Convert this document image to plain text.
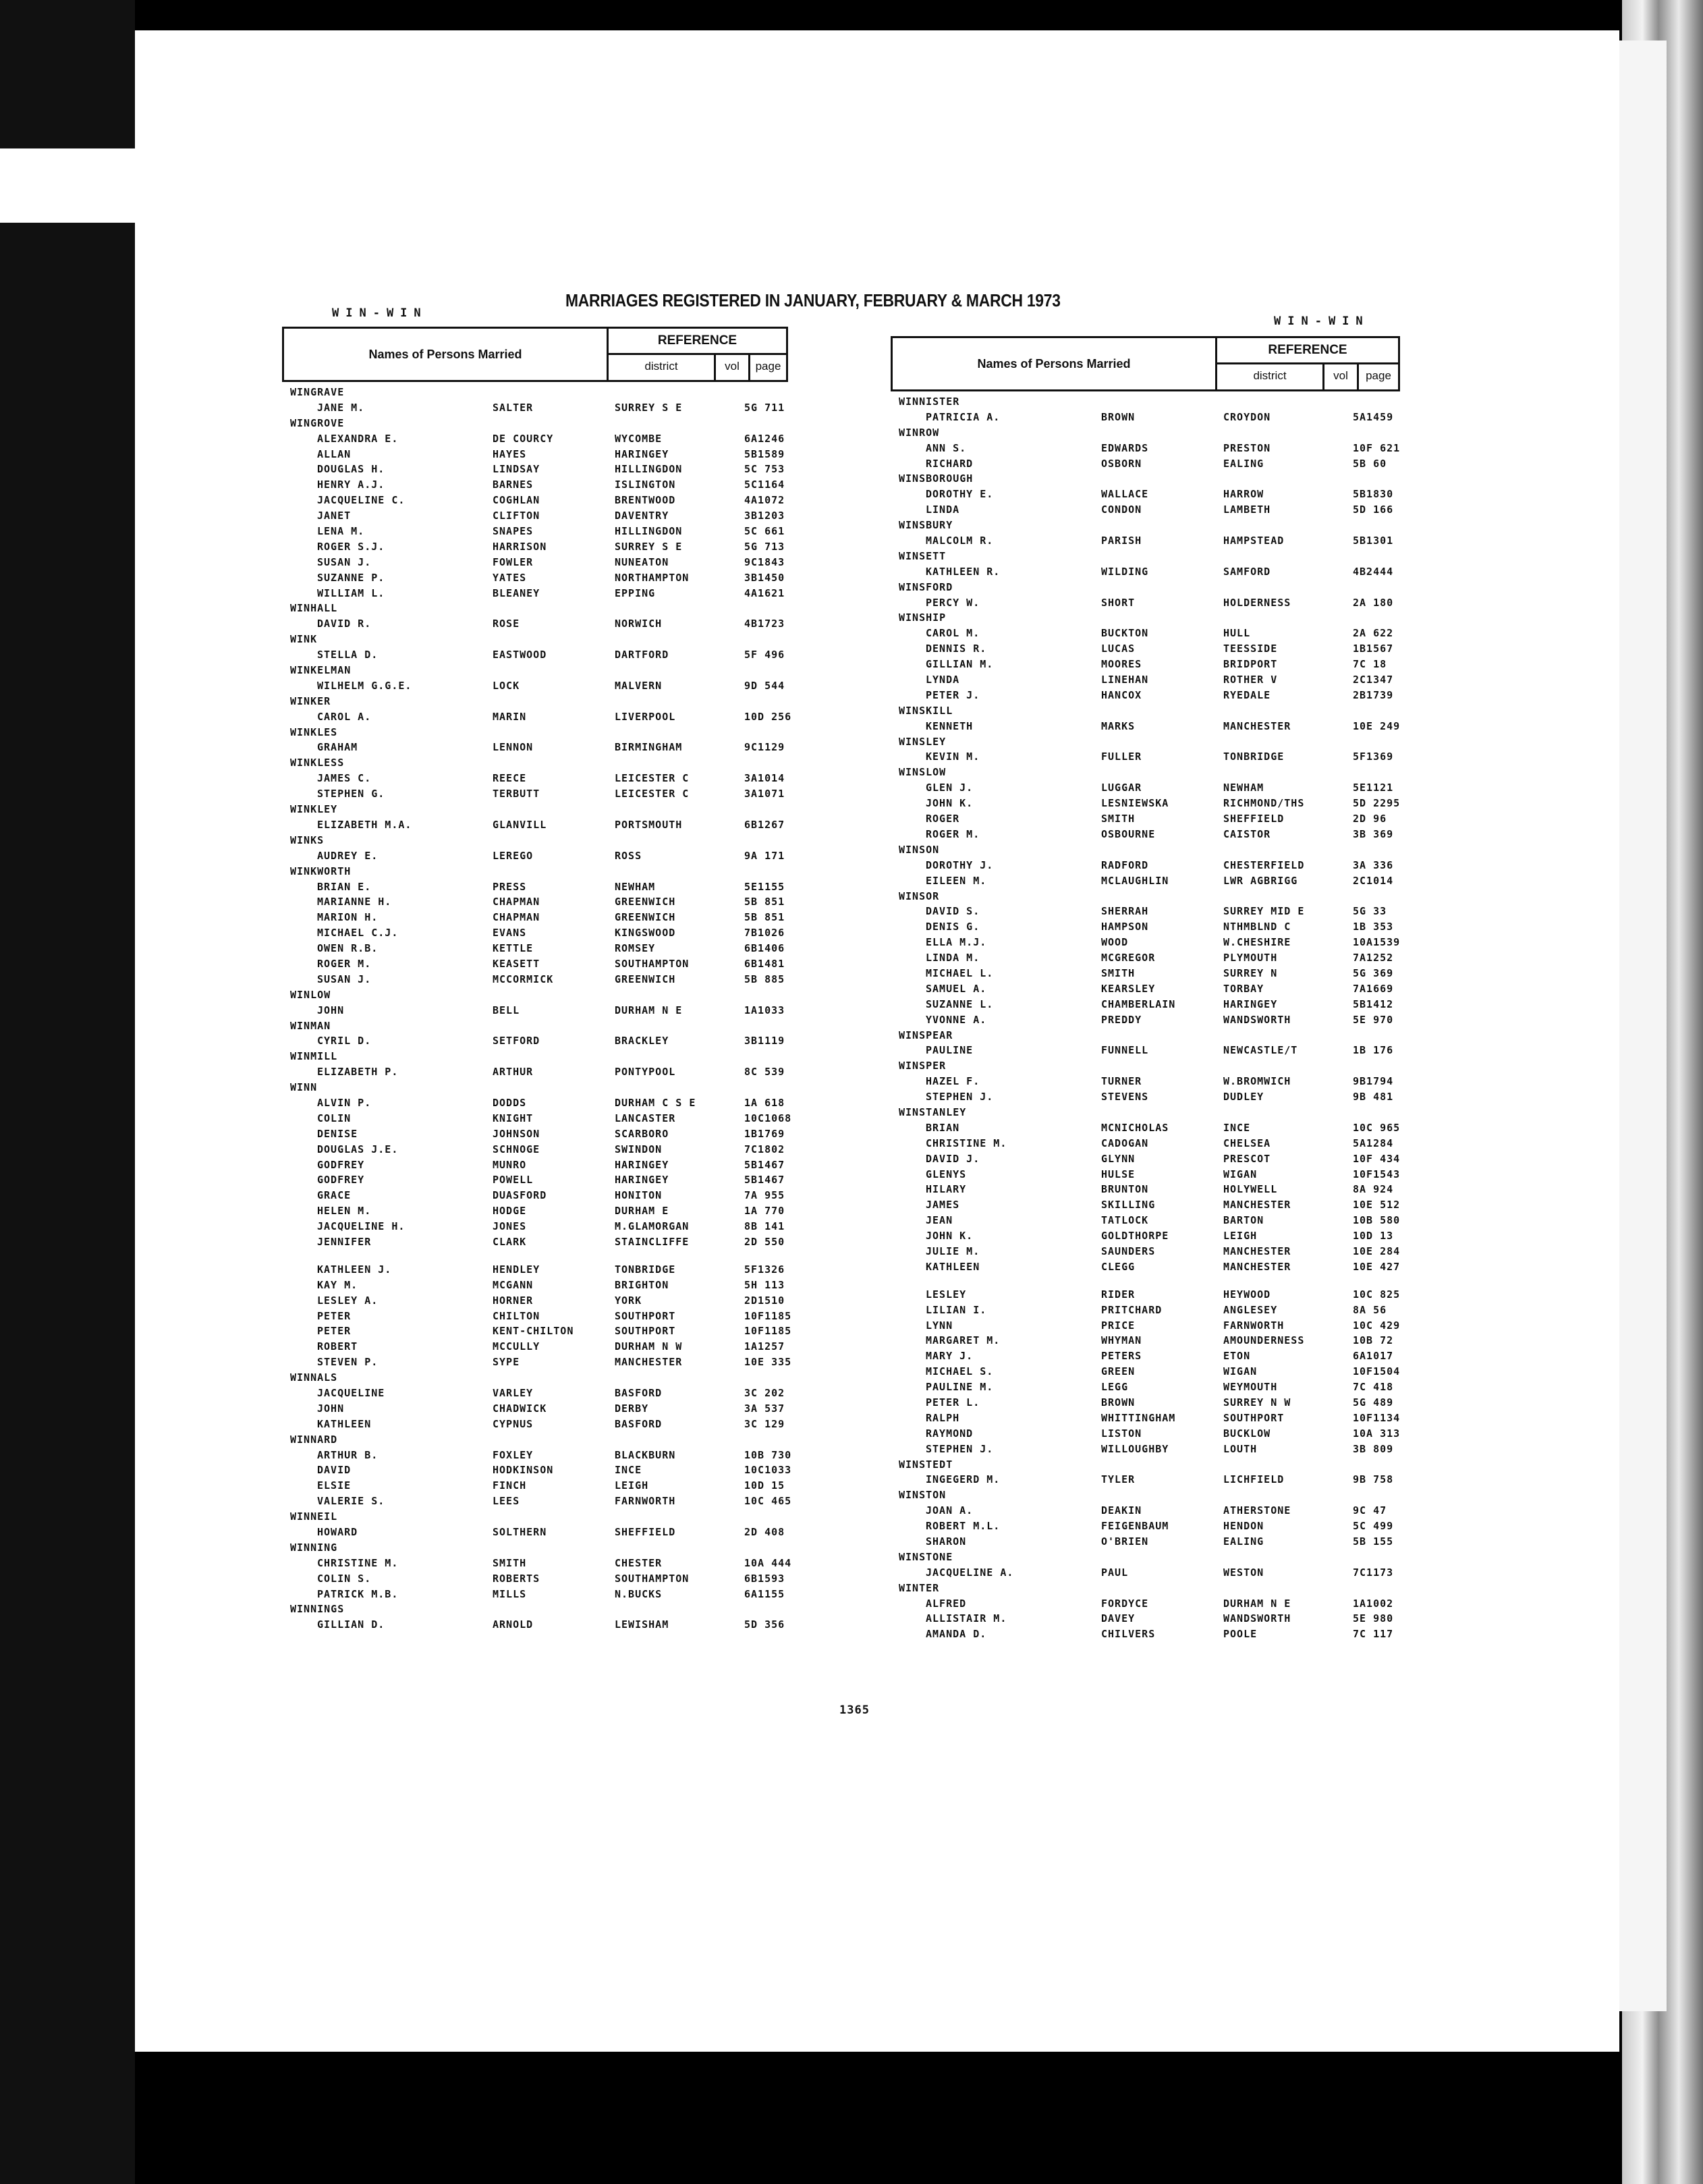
WIN-WIN
MARRIAGES REGISTERED IN JANUARY, FEBRUARY & MARCH 1973
WIN-WIN
Names of Persons Married
REFERENCE
district	vol	page
WINGRAVE
JANE M.	SALTER	SURREY S E	5G 711
WINGROVE
ALEXANDRA E.	DE COURCY	WYCOMBE	6A1246
ALLAN	HAYES	HARINGEY	5B1589
DOUGLAS H.	LINDSAY	HILLINGDON	5C 753
HENRY A.J.	BARNES	ISLINGTON	5C1164
JACQUELINE C.	COGHLAN	BRENTWOOD	4A1072
JANET	CLIFTON	DAVENTRY	3B1203
LENA M.	SNAPES	HILLINGDON	5C 661
ROGER S.J.	HARRISON	SURREY S E	5G 713
SUSAN J.	FOWLER	NUNEATON	9C1843
SUZANNE P.	YATES	NORTHAMPTON	3B1450
WILLIAM L.	BLEANEY	EPPING	4A1621
WINHALL
DAVID R.	ROSE	NORWICH	4B1723
WINK
STELLA D.	EASTWOOD	DARTFORD	5F 496
WINKELMAN
WILHELM G.G.E.	LOCK	MALVERN	9D 544
WINKER
CAROL A.	MARIN	LIVERPOOL	10D 256
WINKLES
GRAHAM	LENNON	BIRMINGHAM	9C1129
WINKLESS
JAMES C.	REECE	LEICESTER C	3A1014
STEPHEN G.	TERBUTT	LEICESTER C	3A1071
WINKLEY
ELIZABETH M.A.	GLANVILL	PORTSMOUTH	6B1267
WINKS
AUDREY E.	LEREGO	ROSS	9A 171
WINKWORTH
BRIAN E.	PRESS	NEWHAM	5E1155
MARIANNE H.	CHAPMAN	GREENWICH	5B 851
MARION H.	CHAPMAN	GREENWICH	5B 851
MICHAEL C.J.	EVANS	KINGSWOOD	7B1026
OWEN R.B.	KETTLE	ROMSEY	6B1406
ROGER M.	KEASETT	SOUTHAMPTON	6B1481
SUSAN J.	MCCORMICK	GREENWICH	5B 885
WINLOW
JOHN	BELL	DURHAM N E	1A1033
WINMAN
CYRIL D.	SETFORD	BRACKLEY	3B1119
WINMILL
ELIZABETH P.	ARTHUR	PONTYPOOL	8C 539
WINN
ALVIN P.	DODDS	DURHAM C S E	1A 618
COLIN	KNIGHT	LANCASTER	10C1068
DENISE	JOHNSON	SCARBORO	1B1769
DOUGLAS J.E.	SCHNOGE	SWINDON	7C1802
GODFREY	MUNRO	HARINGEY	5B1467
GODFREY	POWELL	HARINGEY	5B1467
GRACE	DUASFORD	HONITON	7A 955
HELEN M.	HODGE	DURHAM E	1A 770
JACQUELINE H.	JONES	M.GLAMORGAN	8B 141
JENNIFER	CLARK	STAINCLIFFE	2D 550
KATHLEEN J.	HENDLEY	TONBRIDGE	5F1326
KAY M.	MCGANN	BRIGHTON	5H 113
LESLEY A.	HORNER	YORK	2D1510
PETER	CHILTON	SOUTHPORT	10F1185
PETER	KENT-CHILTON	SOUTHPORT	10F1185
ROBERT	MCCULLY	DURHAM N W	1A1257
STEVEN P.	SYPE	MANCHESTER	10E 335
WINNALS
JACQUELINE	VARLEY	BASFORD	3C 202
JOHN	CHADWICK	DERBY	3A 537
KATHLEEN	CYPNUS	BASFORD	3C 129
WINNARD
ARTHUR B.	FOXLEY	BLACKBURN	10B 730
DAVID	HODKINSON	INCE	10C1033
ELSIE	FINCH	LEIGH	10D 15
VALERIE S.	LEES	FARNWORTH	10C 465
WINNEIL
HOWARD	SOLTHERN	SHEFFIELD	2D 408
WINNING
CHRISTINE M.	SMITH	CHESTER	10A 444
COLIN S.	ROBERTS	SOUTHAMPTON	6B1593
PATRICK M.B.	MILLS	N.BUCKS	6A1155
WINNINGS
GILLIAN D.	ARNOLD	LEWISHAM	5D 356
Names of Persons Married
REFERENCE
district	vol	page
WINNISTER
PATRICIA A.	BROWN	CROYDON	5A1459
WINROW
ANN S.	EDWARDS	PRESTON	10F 621
RICHARD	OSBORN	EALING	5B 60
WINSBOROUGH
DOROTHY E.	WALLACE	HARROW	5B1830
LINDA	CONDON	LAMBETH	5D 166
WINSBURY
MALCOLM R.	PARISH	HAMPSTEAD	5B1301
WINSETT
KATHLEEN R.	WILDING	SAMFORD	4B2444
WINSFORD
PERCY W.	SHORT	HOLDERNESS	2A 180
WINSHIP
CAROL M.	BUCKTON	HULL	2A 622
DENNIS R.	LUCAS	TEESSIDE	1B1567
GILLIAN M.	MOORES	BRIDPORT	7C 18
LYNDA	LINEHAN	ROTHER V	2C1347
PETER J.	HANCOX	RYEDALE	2B1739
WINSKILL
KENNETH	MARKS	MANCHESTER	10E 249
WINSLEY
KEVIN M.	FULLER	TONBRIDGE	5F1369
WINSLOW
GLEN J.	LUGGAR	NEWHAM	5E1121
JOHN K.	LESNIEWSKA	RICHMOND/THS	5D 2295
ROGER	SMITH	SHEFFIELD	2D 96
ROGER M.	OSBOURNE	CAISTOR	3B 369
WINSON
DOROTHY J.	RADFORD	CHESTERFIELD	3A 336
EILEEN M.	MCLAUGHLIN	LWR AGBRIGG	2C1014
WINSOR
DAVID S.	SHERRAH	SURREY MID E	5G 33
DENIS G.	HAMPSON	NTHMBLND C	1B 353
ELLA M.J.	WOOD	W.CHESHIRE	10A1539
LINDA M.	MCGREGOR	PLYMOUTH	7A1252
MICHAEL L.	SMITH	SURREY N	5G 369
SAMUEL A.	KEARSLEY	TORBAY	7A1669
SUZANNE L.	CHAMBERLAIN	HARINGEY	5B1412
YVONNE A.	PREDDY	WANDSWORTH	5E 970
WINSPEAR
PAULINE	FUNNELL	NEWCASTLE/T	1B 176
WINSPER
HAZEL F.	TURNER	W.BROMWICH	9B1794
STEPHEN J.	STEVENS	DUDLEY	9B 481
WINSTANLEY
BRIAN	MCNICHOLAS	INCE	10C 965
CHRISTINE M.	CADOGAN	CHELSEA	5A1284
DAVID J.	GLYNN	PRESCOT	10F 434
GLENYS	HULSE	WIGAN	10F1543
HILARY	BRUNTON	HOLYWELL	8A 924
JAMES	SKILLING	MANCHESTER	10E 512
JEAN	TATLOCK	BARTON	10B 580
JOHN K.	GOLDTHORPE	LEIGH	10D 13
JULIE M.	SAUNDERS	MANCHESTER	10E 284
KATHLEEN	CLEGG	MANCHESTER	10E 427
LESLEY	RIDER	HEYWOOD	10C 825
LILIAN I.	PRITCHARD	ANGLESEY	8A 56
LYNN	PRICE	FARNWORTH	10C 429
MARGARET M.	WHYMAN	AMOUNDERNESS	10B 72
MARY J.	PETERS	ETON	6A1017
MICHAEL S.	GREEN	WIGAN	10F1504
PAULINE M.	LEGG	WEYMOUTH	7C 418
PETER L.	BROWN	SURREY N W	5G 489
RALPH	WHITTINGHAM	SOUTHPORT	10F1134
RAYMOND	LISTON	BUCKLOW	10A 313
STEPHEN J.	WILLOUGHBY	LOUTH	3B 809
WINSTEDT
INGEGERD M.	TYLER	LICHFIELD	9B 758
WINSTON
JOAN A.	DEAKIN	ATHERSTONE	9C 47
ROBERT M.L.	FEIGENBAUM	HENDON	5C 499
SHARON	O'BRIEN	EALING	5B 155
WINSTONE
JACQUELINE A.	PAUL	WESTON	7C1173
WINTER
ALFRED	FORDYCE	DURHAM N E	1A1002
ALLISTAIR M.	DAVEY	WANDSWORTH	5E 980
AMANDA D.	CHILVERS	POOLE	7C 117
1365
